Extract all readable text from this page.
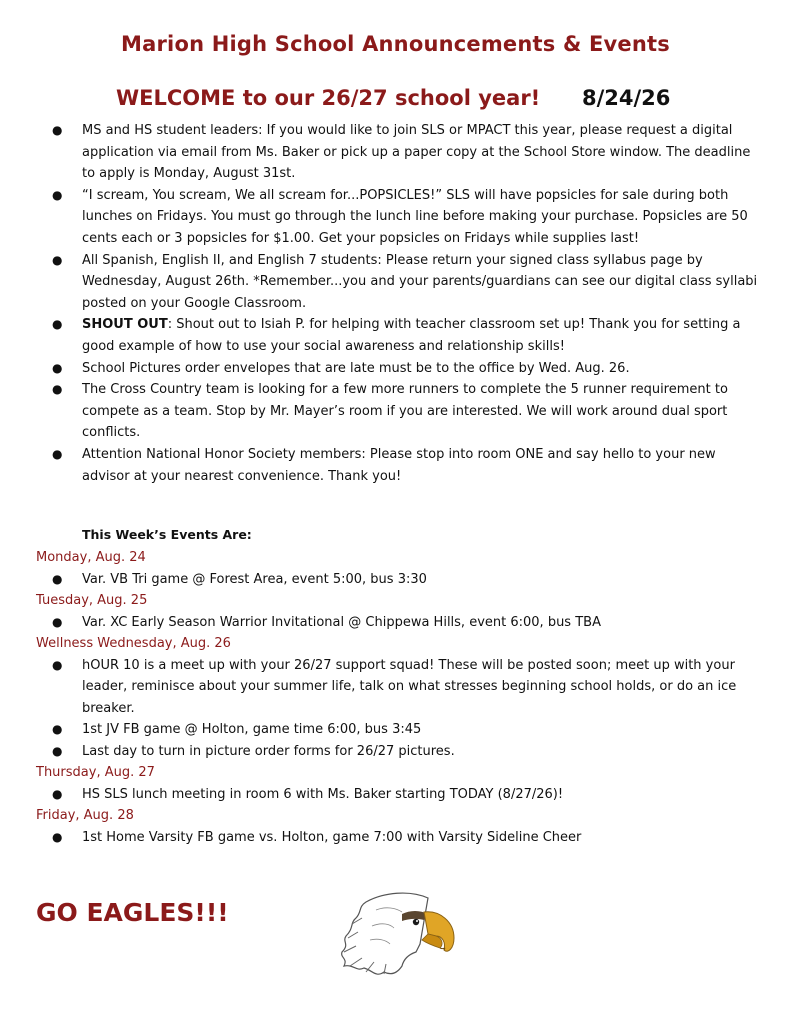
Marion High School Announcements & Events
WELCOME to our 26/27 school year! 8/24/26
● MS and HS student leaders: If you would like to join SLS or MPACT this year, please request a digital application via email from Ms. Baker or pick up a paper copy at the School Store window. The deadline to apply is Monday, August 31st.
● “I scream, You scream, We all scream for...POPSICLES!” SLS will have popsicles for sale during both lunches on Fridays. You must go through the lunch line before making your purchase. Popsicles are 50 cents each or 3 popsicles for $1.00. Get your popsicles on Fridays while supplies last!
● All Spanish, English II, and English 7 students: Please return your signed class syllabus page by Wednesday, August 26th. *Remember...you and your parents/guardians can see our digital class syllabi posted on your Google Classroom.
● SHOUT OUT: Shout out to Isiah P. for helping with teacher classroom set up! Thank you for setting a good example of how to use your social awareness and relationship skills!
● School Pictures order envelopes that are late must be to the office by Wed. Aug. 26.
● The Cross Country team is looking for a few more runners to complete the 5 runner requirement to compete as a team. Stop by Mr. Mayer’s room if you are interested. We will work around dual sport conflicts.
● Attention National Honor Society members: Please stop into room ONE and say hello to your new advisor at your nearest convenience. Thank you!
This Week’s Events Are:
Monday, Aug. 24
● Var. VB Tri game @ Forest Area, event 5:00, bus 3:30
Tuesday, Aug. 25
● Var. XC Early Season Warrior Invitational @ Chippewa Hills, event 6:00, bus TBA
Wellness Wednesday, Aug. 26
● hOUR 10 is a meet up with your 26/27 support squad! These will be posted soon; meet up with your leader, reminisce about your summer life, talk on what stresses beginning school holds, or do an ice breaker.
● 1st JV FB game @ Holton, game time 6:00, bus 3:45
● Last day to turn in picture order forms for 26/27 pictures.
Thursday, Aug. 27
● HS SLS lunch meeting in room 6 with Ms. Baker starting TODAY (8/27/26)!
Friday, Aug. 28
● 1st Home Varsity FB game vs. Holton, game 7:00 with Varsity Sideline Cheer
GO EAGLES!!!
